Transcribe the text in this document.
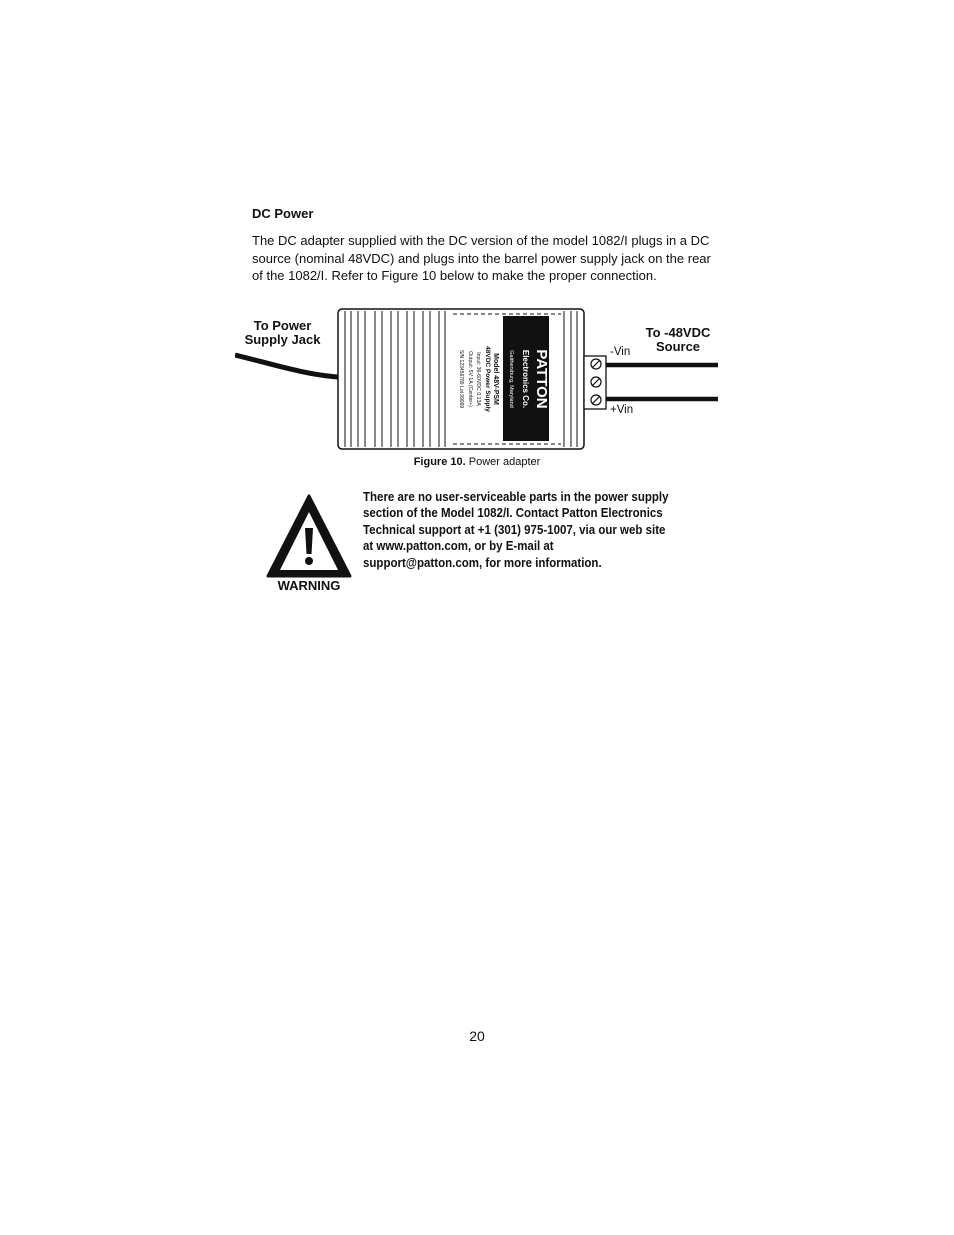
DC Power
The DC adapter supplied with the DC version of the model 1082/I plugs in a DC source (nominal 48VDC) and plugs into the barrel power supply jack on the rear of the 1082/I. Refer to Figure 10 below to make the proper connection.
PATTON
Electronics Co.
Gaithersburg, Maryland
Model 48V-PSM
48VDC Power Supply
Input: 36-60VDC 0.13A
Output: 5V 1A (Center+)
S/N 123456789 Lot 99999
To Power Supply Jack	To -48VDC Source
-Vin
+Vin
Figure 10. Power adapter
WARNING
There are no user-serviceable parts in the power supply section of the Model 1082/I. Contact Patton Electronics Technical support at +1 (301) 975-1007, via our web site at www.patton.com, or by E-mail at support@patton.com, for more information.
20
